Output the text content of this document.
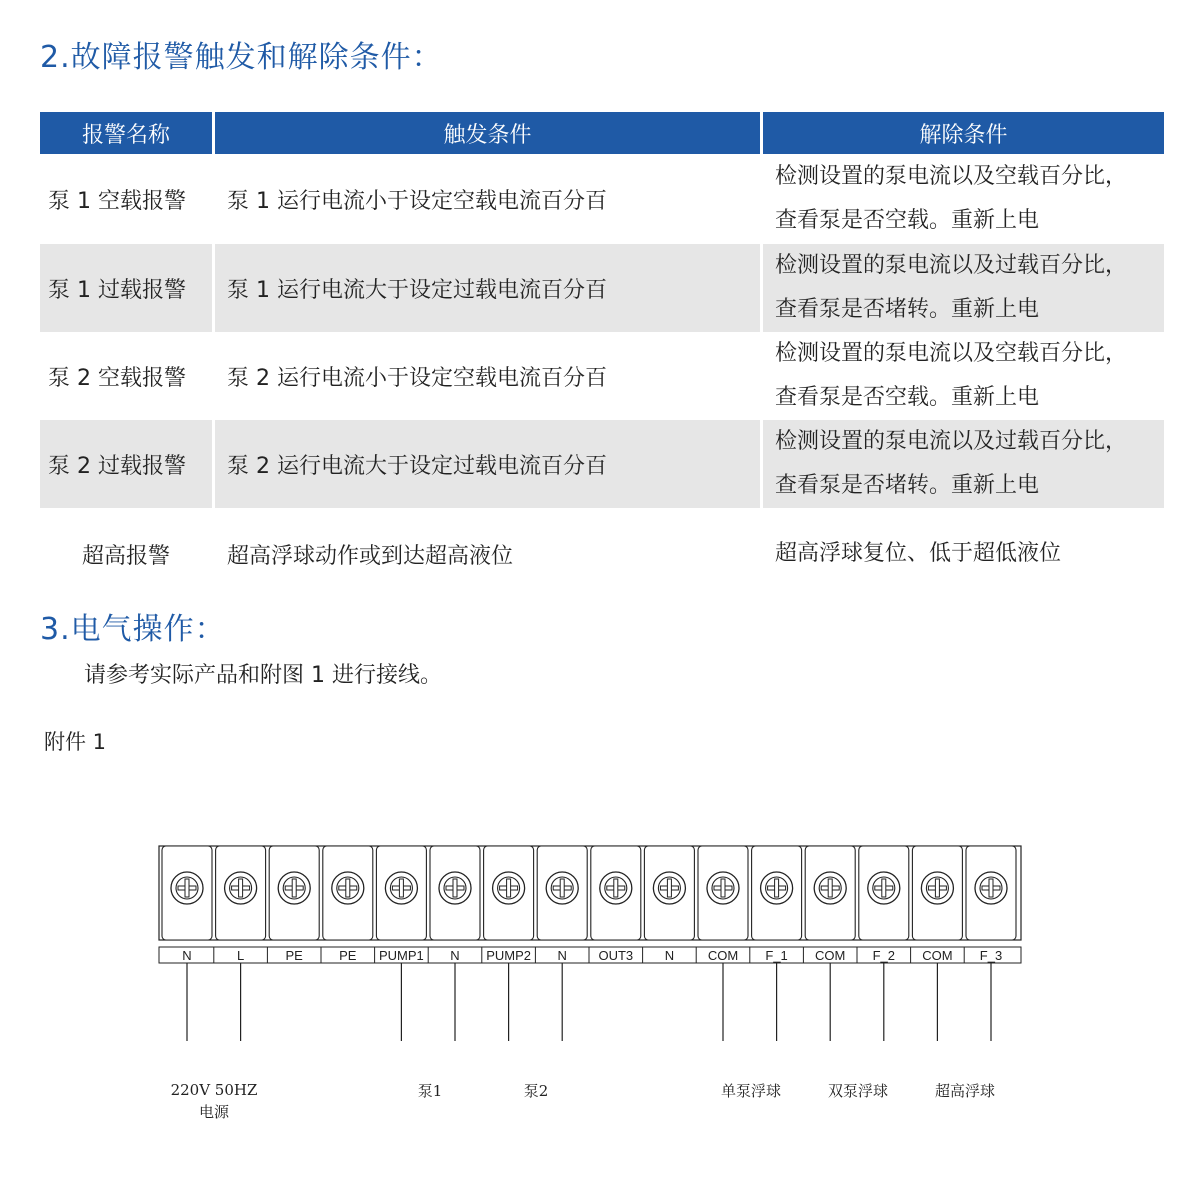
2.故障报警触发和解除条件：
报警名称	触发条件	解除条件
泵 1 空载报警	泵 1 运行电流小于设定空载电流百分百	检测设置的泵电流以及空载百分比，
查看泵是否空载。重新上电

泵 1 过载报警	泵 1 运行电流大于设定过载电流百分百	检测设置的泵电流以及过载百分比，
查看泵是否堵转。重新上电

泵 2 空载报警	泵 2 运行电流小于设定空载电流百分百	检测设置的泵电流以及空载百分比，
查看泵是否空载。重新上电

泵 2 过载报警	泵 2 运行电流大于设定过载电流百分百	检测设置的泵电流以及过载百分比，
查看泵是否堵转。重新上电

超高报警	超高浮球动作或到达超高液位	超高浮球复位、低于超低液位
3.电气操作：
请参考实际产品和附图 1 进行接线。
附件 1
N	L	PE	PE PUMP1 N PUMP2 N OUT3 N	COM F_1 COM F_2 COM F_3
220V 50HZ
电源
泵1	泵2	单泵浮球	双泵浮球	超高浮球
